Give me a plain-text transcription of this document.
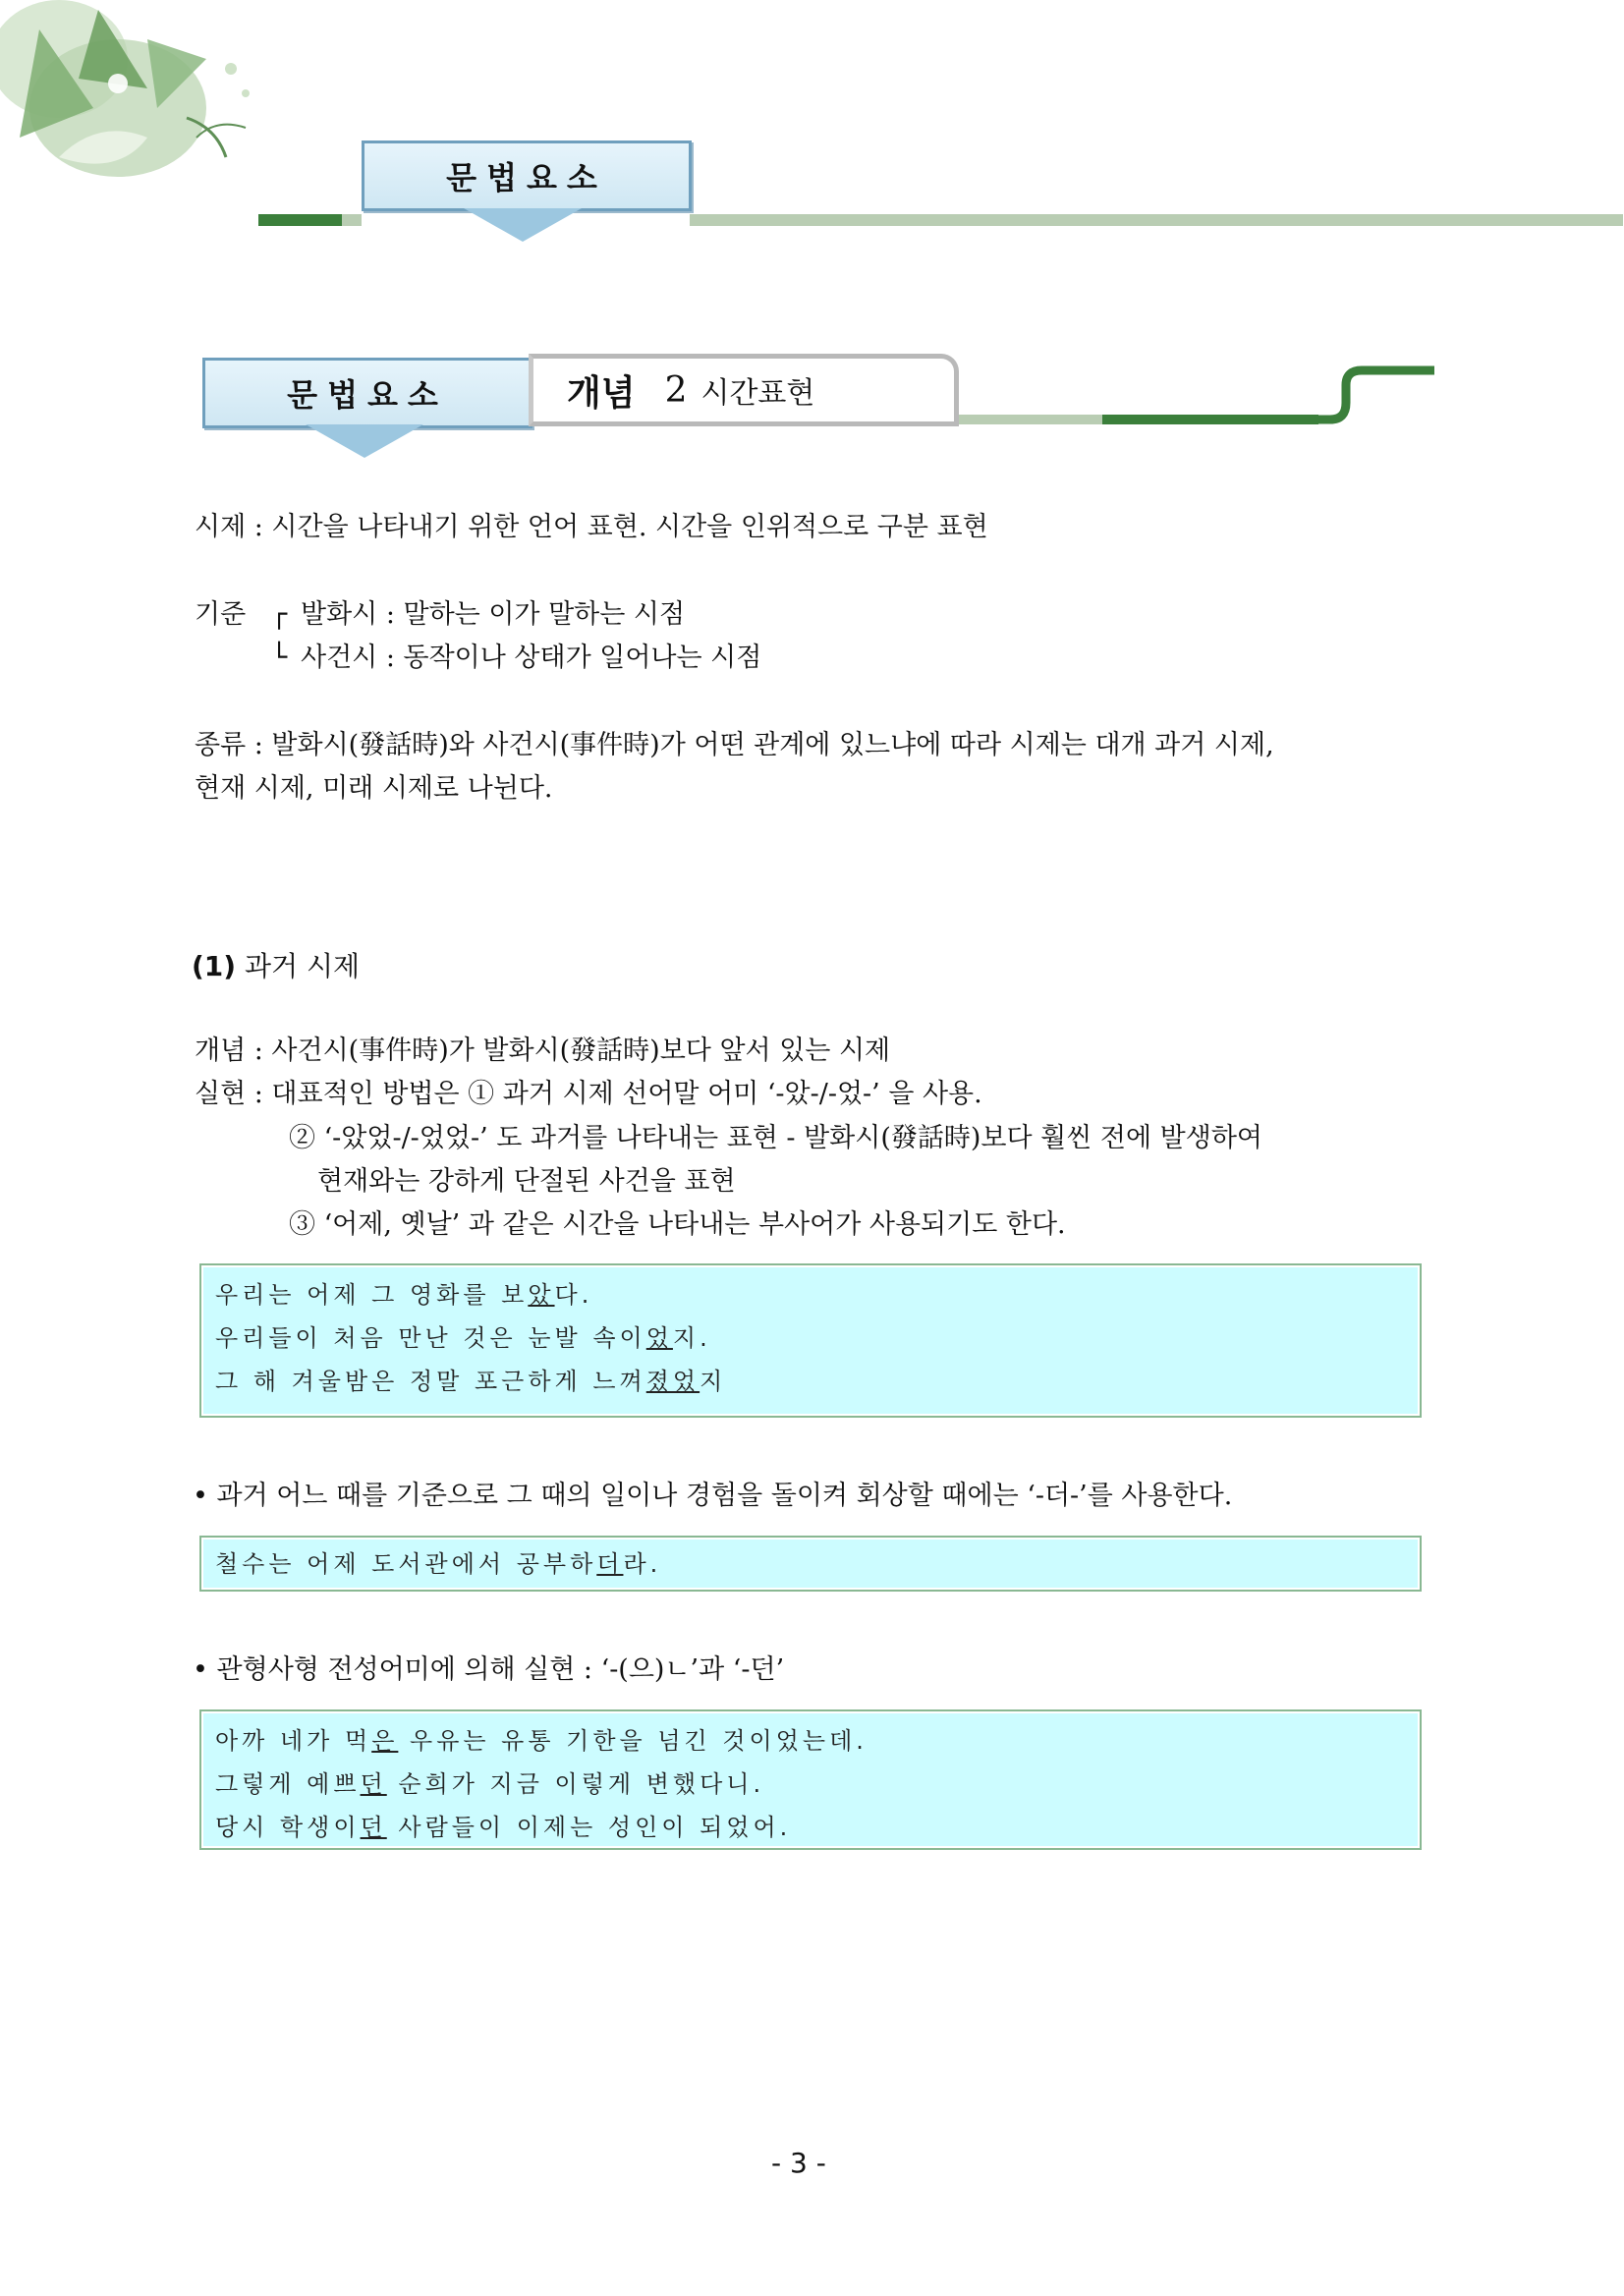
문법요소
문법요소	개념 2 시간표현
시제 : 시간을 나타내기 위한 언어 표현. 시간을 인위적으로 구분 표현
기준 ┌ 발화시 : 말하는 이가 말하는 시점
└ 사건시 : 동작이나 상태가 일어나는 시점
종류 : 발화시(發話時)와 사건시(事件時)가 어떤 관계에 있느냐에 따라 시제는 대개 과거 시제,
현재 시제, 미래 시제로 나뉜다.
(1) 과거 시제
개념 : 사건시(事件時)가 발화시(發話時)보다 앞서 있는 시제
실현 : 대표적인 방법은 ① 과거 시제 선어말 어미 ‘-았-/-었-’ 을 사용.
② ‘-았었-/-었었-’ 도 과거를 나타내는 표현 - 발화시(發話時)보다 훨씬 전에 발생하여
현재와는 강하게 단절된 사건을 표현
③ ‘어제, 옛날’ 과 같은 시간을 나타내는 부사어가 사용되기도 한다.
우리는 어제 그 영화를 보았다.
우리들이 처음 만난 것은 눈발 속이었지.
그 해 겨울밤은 정말 포근하게 느껴졌었지
• 과거 어느 때를 기준으로 그 때의 일이나 경험을 돌이켜 회상할 때에는 ‘-더-’를 사용한다.
철수는 어제 도서관에서 공부하더라.
• 관형사형 전성어미에 의해 실현 : ‘-(으)ㄴ’과 ‘-던’
아까 네가 먹은 우유는 유통 기한을 넘긴 것이었는데.
그렇게 예쁘던 순희가 지금 이렇게 변했다니.
당시 학생이던 사람들이 이제는 성인이 되었어.
- 3 -
